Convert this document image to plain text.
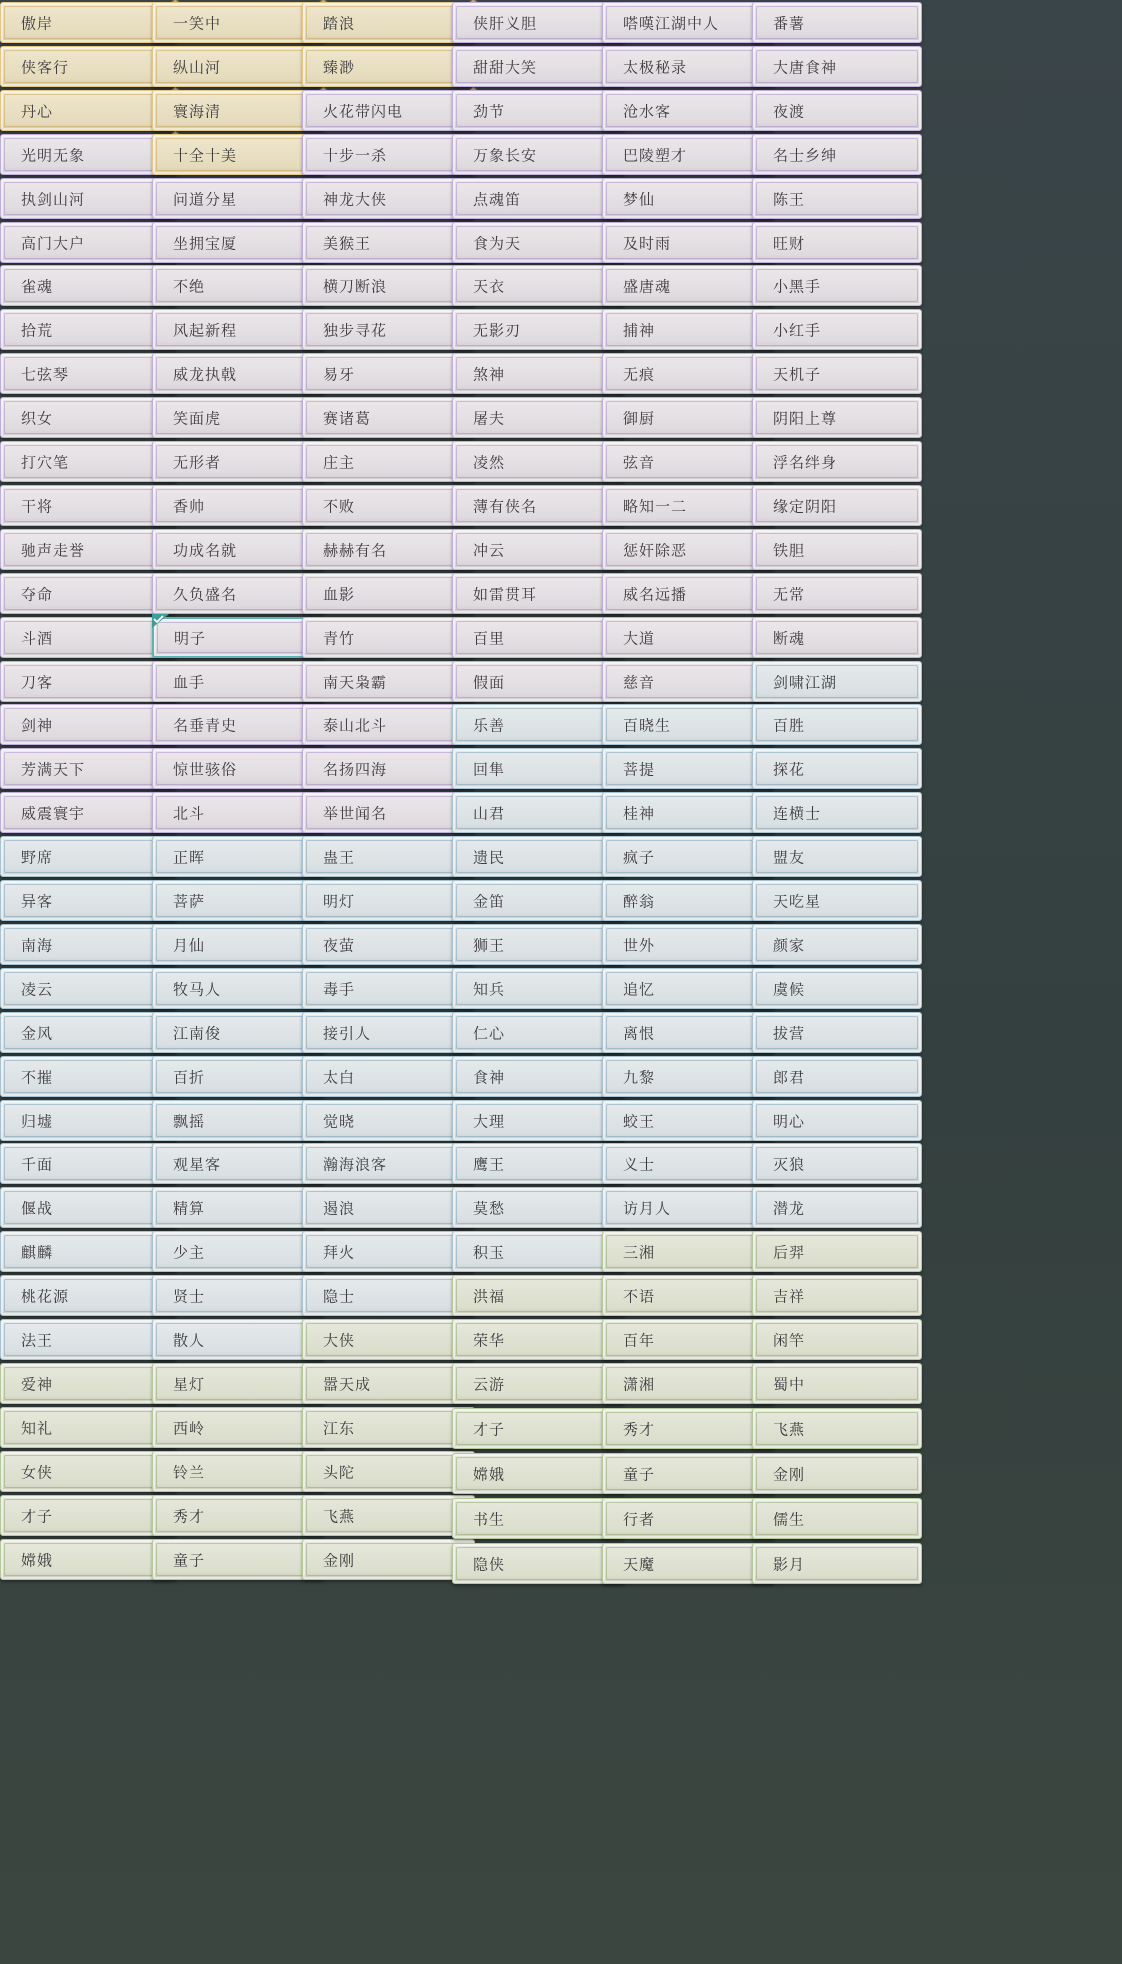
傲岸
侠客行
丹心
光明无象
执剑山河
高门大户
雀魂
拾荒
七弦琴
织女
打穴笔
干将
驰声走誉
夺命
斗酒
刀客
剑神
芳满天下
威震寰宇
野席
异客
南海
凌云
金风
不摧
归墟
千面
偃战
麒麟
桃花源
法王
爱神
知礼
女侠
才子
嫦娥
一笑中
纵山河
寰海清
十全十美
问道分星
坐拥宝厦
不绝
风起新程
威龙执戟
笑面虎
无形者
香帅
功成名就
久负盛名
明子
血手
名垂青史
惊世骇俗
北斗
正晖
菩萨
月仙
牧马人
江南俊
百折
飘摇
观星客
精算
少主
贤士
散人
星灯
西岭
铃兰
秀才
童子
踏浪
臻渺
火花带闪电
十步一杀
神龙大侠
美猴王
横刀断浪
独步寻花
易牙
赛诸葛
庄主
不败
赫赫有名
血影
青竹
南天枭霸
泰山北斗
名扬四海
举世闻名
蛊王
明灯
夜萤
毒手
接引人
太白
觉晓
瀚海浪客
遏浪
拜火
隐士
大侠
嚣天成
江东
头陀
飞燕
金刚
侠肝义胆
甜甜大笑
劲节
万象长安
点魂笛
食为天
天衣
无影刃
煞神
屠夫
凌然
薄有侠名
冲云
如雷贯耳
百里
假面
乐善
回隼
山君
遗民
金笛
狮王
知兵
仁心
食神
大理
鹰王
莫愁
积玉
洪福
荣华
云游
才子
嫦娥
书生
隐侠
嗒嘆江湖中人
太极秘录
沧水客
巴陵塑才
梦仙
及时雨
盛唐魂
捕神
无痕
御厨
弦音
略知一二
惩奸除恶
威名远播
大道
慈音
百晓生
菩提
桂神
疯子
醉翁
世外
追忆
离恨
九黎
蛟王
义士
访月人
三湘
不语
百年
潇湘
秀才
童子
行者
天魔
番薯
大唐食神
夜渡
名士乡绅
陈王
旺财
小黑手
小红手
天机子
阴阳上尊
浮名绊身
缘定阴阳
铁胆
无常
断魂
剑啸江湖
百胜
探花
连横士
盟友
天吃星
颜家
虞候
拔营
郎君
明心
灭狼
潜龙
后羿
吉祥
闲竿
蜀中
飞燕
金刚
儒生
影月
